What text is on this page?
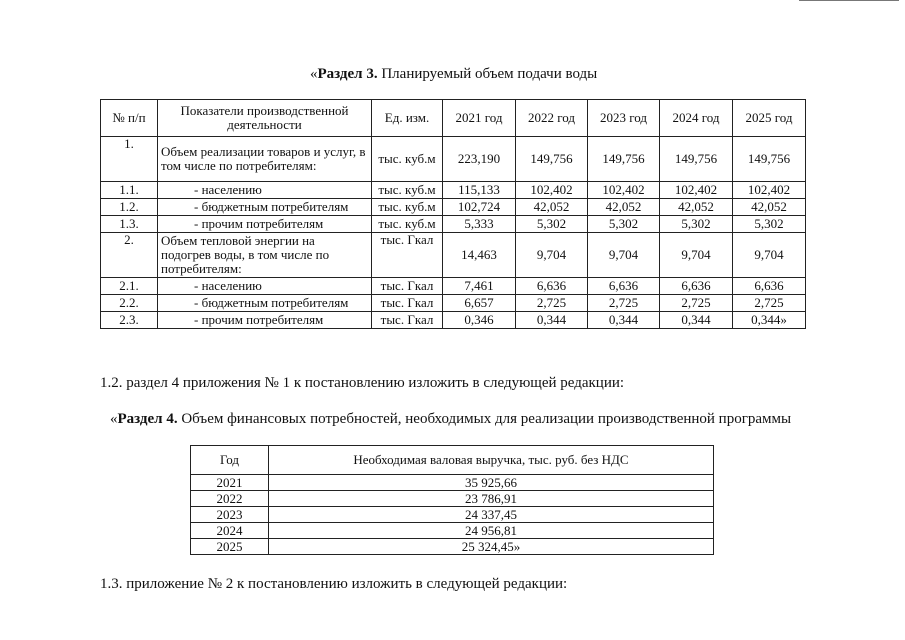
«Раздел 3. Планируемый объем подачи воды
№ п/п	Показатели производственной деятельности	Ед. изм.	2021 год	2022 год	2023 год	2024 год	2025 год
1.	Объем реализации товаров и услуг, в том числе по потребителям:	тыс. куб.м	223,190	149,756	149,756	149,756	149,756
1.1.	- населению	тыс. куб.м	115,133	102,402	102,402	102,402	102,402
1.2.	- бюджетным потребителям	тыс. куб.м	102,724	42,052	42,052	42,052	42,052
1.3.	- прочим потребителям	тыс. куб.м	5,333	5,302	5,302	5,302	5,302
2.	Объем тепловой энергии на подогрев воды, в том числе по потребителям:	тыс. Гкал	14,463	9,704	9,704	9,704	9,704
2.1.	- населению	тыс. Гкал	7,461	6,636	6,636	6,636	6,636
2.2.	- бюджетным потребителям	тыс. Гкал	6,657	2,725	2,725	2,725	2,725
2.3.	- прочим потребителям	тыс. Гкал	0,346	0,344	0,344	0,344	0,344»
1.2. раздел 4 приложения № 1 к постановлению изложить в следующей редакции:
«Раздел 4. Объем финансовых потребностей, необходимых для реализации производственной программы
Год	Необходимая валовая выручка, тыс. руб. без НДС
2021	35 925,66
2022	23 786,91
2023	24 337,45
2024	24 956,81
2025	25 324,45»
1.3. приложение № 2 к постановлению изложить в следующей редакции:
